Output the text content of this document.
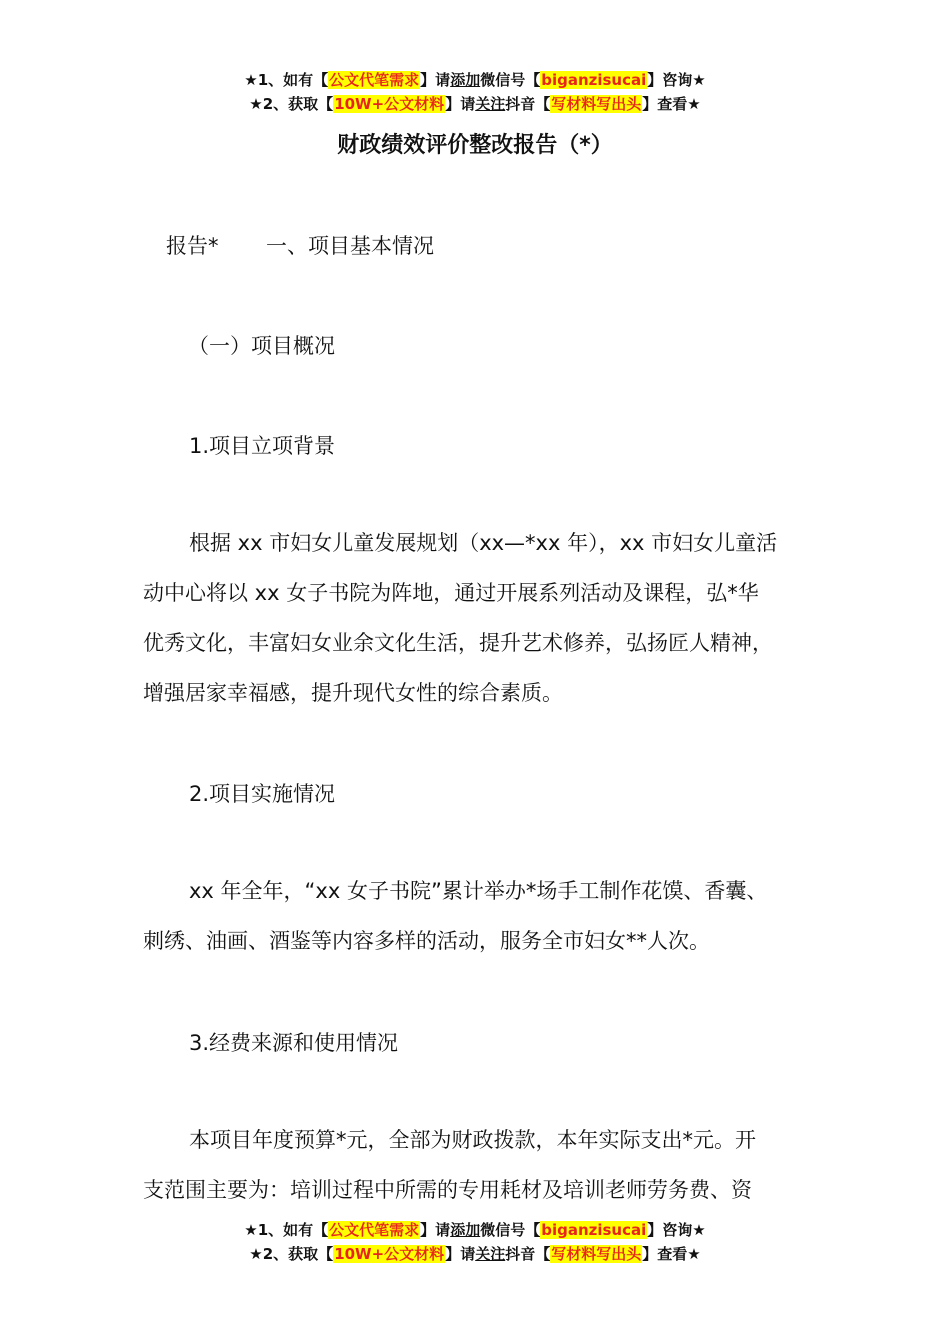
★1、如有【公文代笔需求】请添加微信号【biganzisucai】咨询★
★2、获取【10W+公文材料】请关注抖音【写材料写出头】查看★
财政绩效评价整改报告（*）
报告* 一、项目基本情况
（一）项目概况
1.项目立项背景
根据 xx 市妇女儿童发展规划（xx—*xx 年），xx 市妇女儿童活
动中心将以 xx 女子书院为阵地，通过开展系列活动及课程，弘*华
优秀文化，丰富妇女业余文化生活，提升艺术修养，弘扬匠人精神，
增强居家幸福感，提升现代女性的综合素质。
2.项目实施情况
xx 年全年，“xx 女子书院”累计举办*场手工制作花馍、香囊、
刺绣、油画、酒鉴等内容多样的活动，服务全市妇女**人次。
3.经费来源和使用情况
本项目年度预算*元，全部为财政拨款，本年实际支出*元。开
支范围主要为：培训过程中所需的专用耗材及培训老师劳务费、资
★1、如有【公文代笔需求】请添加微信号【biganzisucai】咨询★
★2、获取【10W+公文材料】请关注抖音【写材料写出头】查看★
